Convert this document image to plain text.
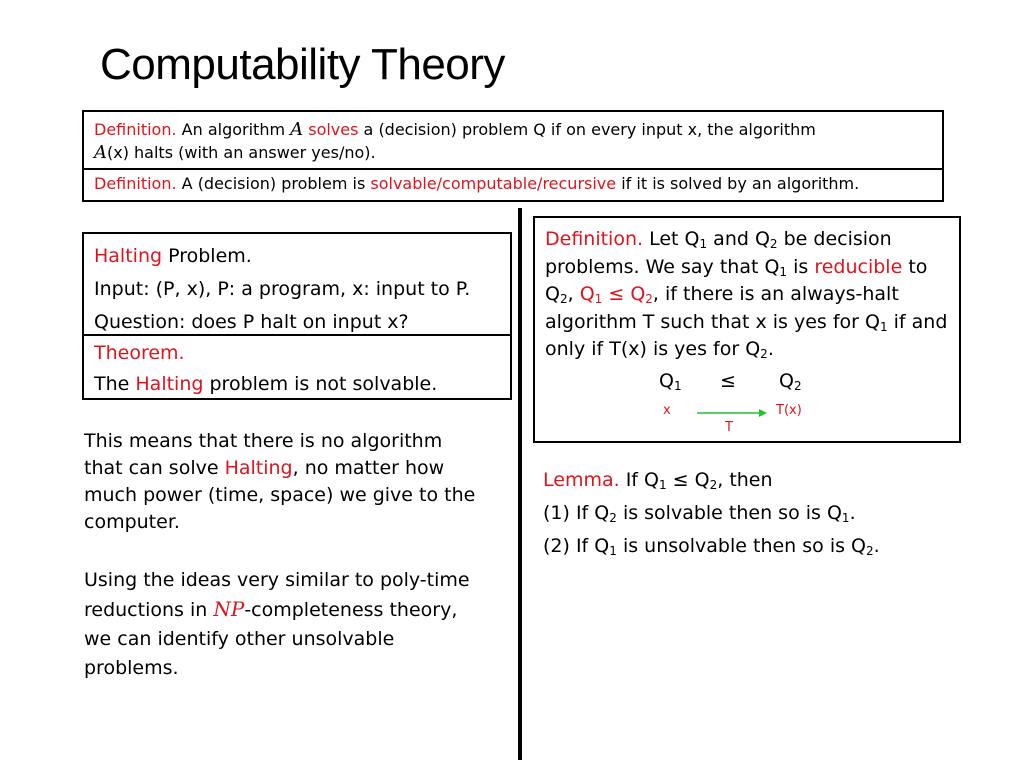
Computability Theory
Definition. An algorithm A solves a (decision) problem Q if on every input x, the algorithm
A(x) halts (with an answer yes/no).
Definition. A (decision) problem is solvable/computable/recursive if it is solved by an algorithm.
Halting Problem.
Input: (P, x), P: a program, x: input to P.
Question: does P halt on input x?
Theorem.
The Halting problem is not solvable.
This means that there is no algorithm that can solve Halting, no matter how much power (time, space) we give to the computer.
Using the ideas very similar to poly-time reductions in NP-completeness theory, we can identify other unsolvable problems.
Definition. Let $Q_1$ and $Q_2$ be decision problems. We say that $Q_1$ is reducible to $Q_2$, $Q_1 \le Q_2$, if there is an always-halt algorithm T such that x is yes for $Q_1$ if and only if T(x) is yes for $Q_2$.
$Q_1 \le Q_2$
x	T(x)
T
Lemma. If $Q_1 \le Q_2$, then
(1) If $Q_2$ is solvable then so is $Q_1$.
(2) If $Q_1$ is unsolvable then so is $Q_2$.
